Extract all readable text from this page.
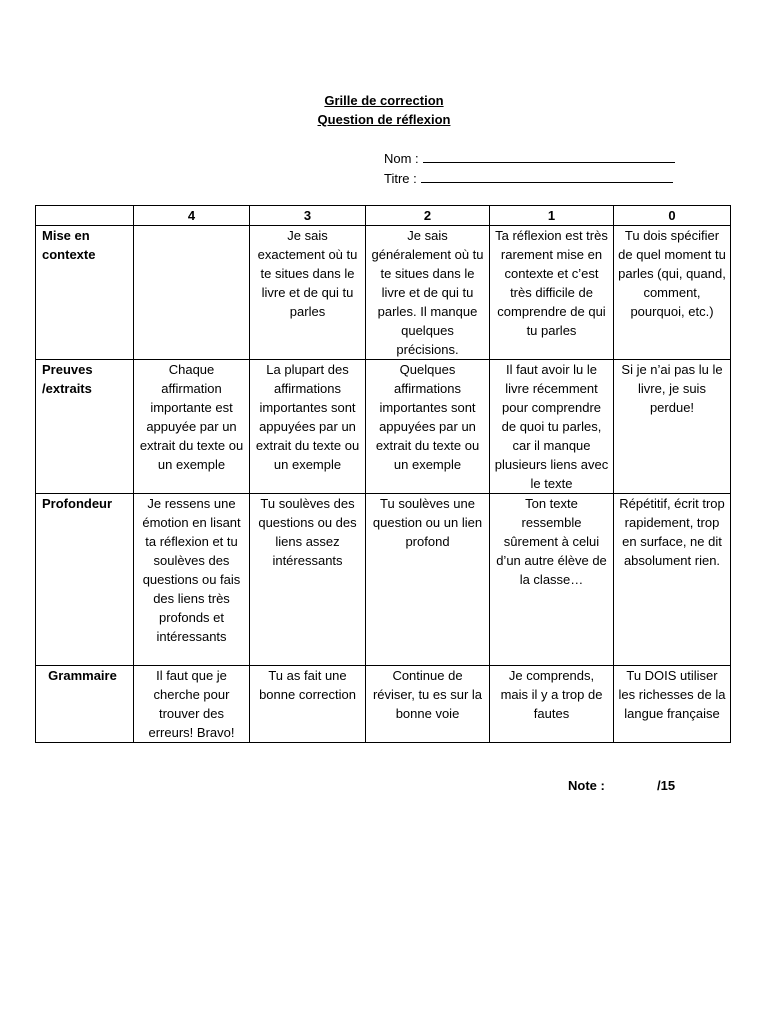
Grille de correction
Question de réflexion
Nom :
Titre :
	4	3	2	1	0
Mise en contexte		Je sais exactement où tu te situes dans le livre et de qui tu parles	Je sais généralement où tu te situes dans le livre et de qui tu parles. Il manque quelques précisions.	Ta réflexion est très rarement mise en contexte et c’est très difficile de comprendre de qui tu parles	Tu dois spécifier de quel moment tu parles (qui, quand, comment, pourquoi, etc.)
Preuves /extraits	Chaque affirmation importante est appuyée par un extrait du texte ou un exemple	La plupart des affirmations importantes sont appuyées par un extrait du texte ou un exemple	Quelques affirmations importantes sont appuyées par un extrait du texte ou un exemple	Il faut avoir lu le livre récemment pour comprendre de quoi tu parles, car il manque plusieurs liens avec le texte	Si je n’ai pas lu le livre, je suis perdue!
Profondeur	Je ressens une émotion en lisant ta réflexion et tu soulèves des questions ou fais des liens très profonds et intéressants	Tu soulèves des questions ou des liens assez intéressants	Tu soulèves une question ou un lien profond	Ton texte ressemble sûrement à celui d’un autre élève de la classe…	Répétitif, écrit trop rapidement, trop en surface, ne dit absolument rien.
Grammaire	Il faut que je cherche pour trouver des erreurs! Bravo!	Tu as fait une bonne correction	Continue de réviser, tu es sur la bonne voie	Je comprends, mais il y a trop de fautes	Tu DOIS utiliser les richesses de la langue française
Note :	/15
